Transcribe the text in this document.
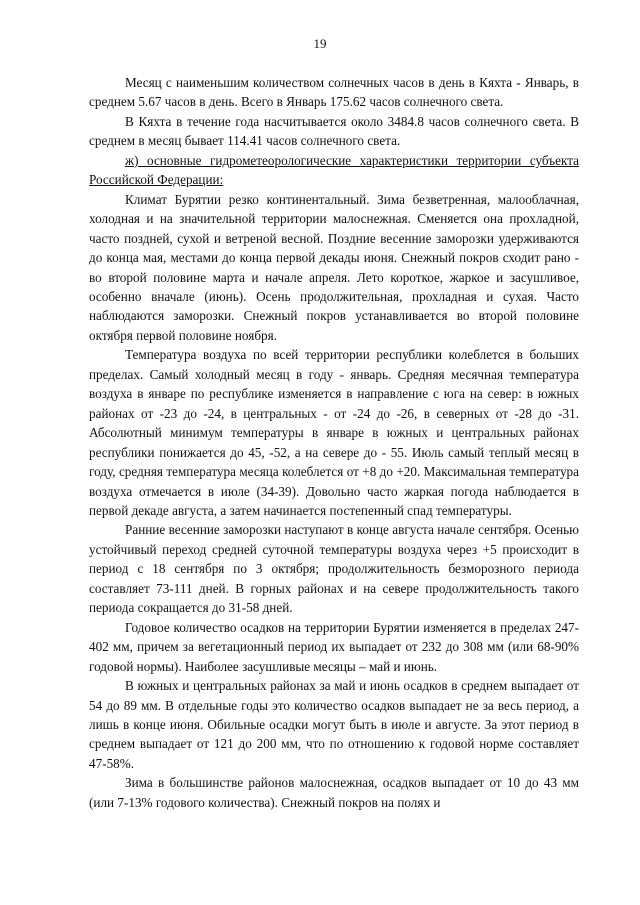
19

Месяц с наименьшим количеством солнечных часов в день в Кяхта - Январь, в среднем 5.67 часов в день. Всего в Январь 175.62 часов солнечного света.

В Кяхта в течение года насчитывается около 3484.8 часов солнечного света. В среднем в месяц бывает 114.41 часов солнечного света.

ж) основные гидрометеорологические характеристики территории субъекта Российской Федерации:

Климат Бурятии резко континентальный. Зима безветренная, малооблачная, холодная и на значительной территории малоснежная. Сменяется она прохладной, часто поздней, сухой и ветреной весной. Поздние весенние заморозки удерживаются до конца мая, местами до конца первой декады июня. Снежный покров сходит рано - во второй половине марта и начале апреля. Лето короткое, жаркое и засушливое, особенно вначале (июнь). Осень продолжительная, прохладная и сухая. Часто наблюдаются заморозки. Снежный покров устанавливается во второй половине октября первой половине ноября.

Температура воздуха по всей территории республики колеблется в больших пределах. Самый холодный месяц в году - январь. Средняя месячная температура воздуха в январе по республике изменяется в направление с юга на север: в южных районах от -23 до -24, в центральных - от -24 до -26, в северных от -28 до -31. Абсолютный минимум температуры в январе в южных и центральных районах республики понижается до 45, -52, а на севере до - 55. Июль самый теплый месяц в году, средняя температура месяца колеблется от +8 до +20. Максимальная температура воздуха отмечается в июле (34-39). Довольно часто жаркая погода наблюдается в первой декаде августа, а затем начинается постепенный спад температуры.

Ранние весенние заморозки наступают в конце августа начале сентября. Осенью устойчивый переход средней суточной температуры воздуха через +5 происходит в период с 18 сентября по 3 октября; продолжительность безморозного периода составляет 73-111 дней. В горных районах и на севере продолжительность такого периода сокращается до 31-58 дней.

Годовое количество осадков на территории Бурятии изменяется в пределах 247-402 мм, причем за вегетационный период их выпадает от 232 до 308 мм (или 68-90% годовой нормы). Наиболее засушливые месяцы – май и июнь.

В южных и центральных районах за май и июнь осадков в среднем выпадает от 54 до 89 мм. В отдельные годы это количество осадков выпадает не за весь период, а лишь в конце июня. Обильные осадки могут быть в июле и августе. За этот период в среднем выпадает от 121 до 200 мм, что по отношению к годовой норме составляет 47-58%.

Зима в большинстве районов малоснежная, осадков выпадает от 10 до 43 мм (или 7-13% годового количества). Снежный покров на полях и
